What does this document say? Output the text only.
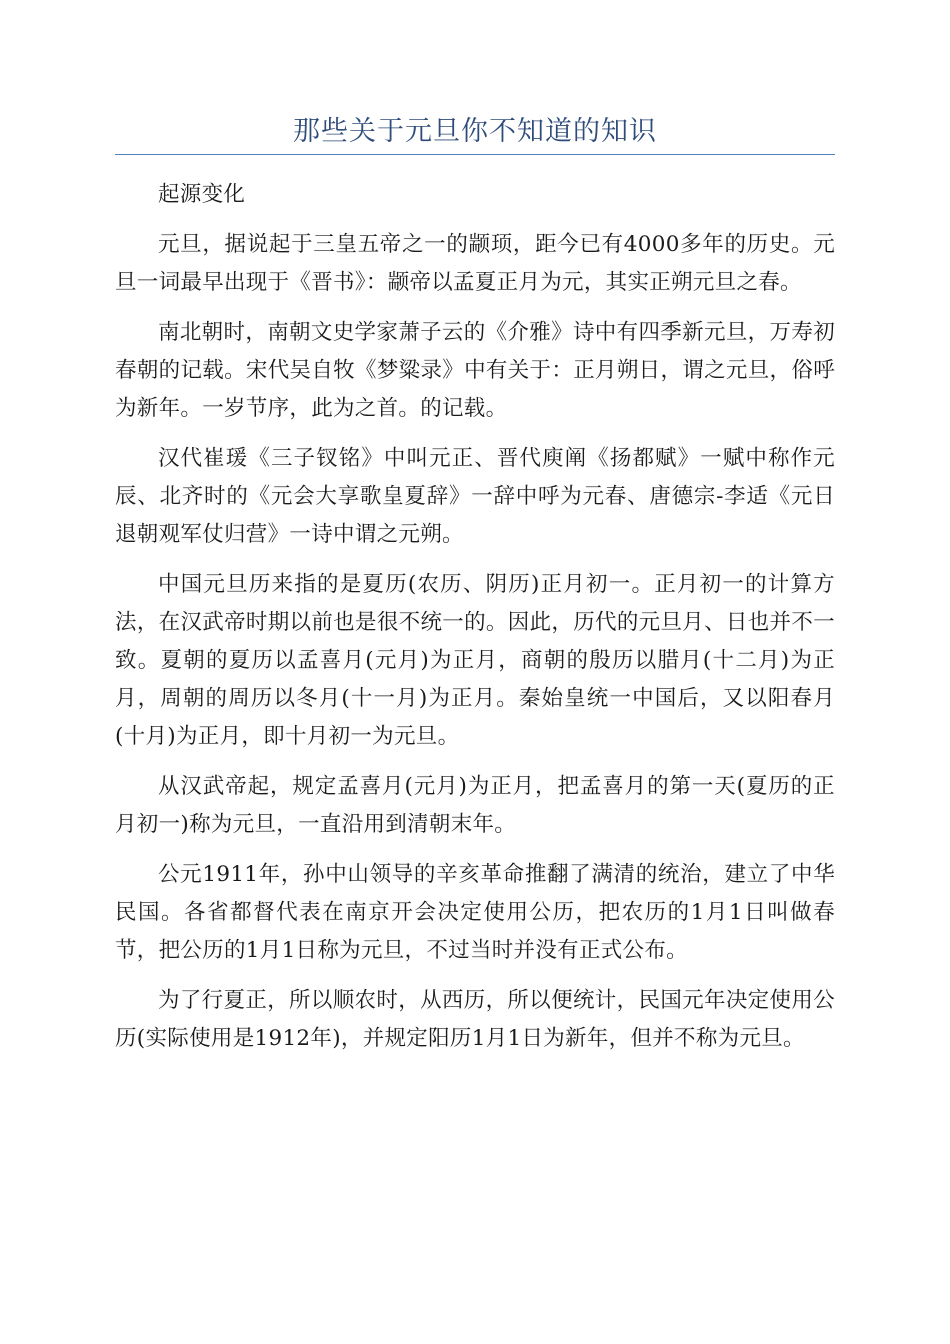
那些关于元旦你不知道的知识

起源变化

元旦，据说起于三皇五帝之一的颛顼，距今已有4000多年的历史。元旦一词最早出现于《晋书》：颛帝以孟夏正月为元，其实正朔元旦之春。

南北朝时，南朝文史学家萧子云的《介雅》诗中有四季新元旦，万寿初春朝的记载。宋代吴自牧《梦粱录》中有关于：正月朔日，谓之元旦，俗呼为新年。一岁节序，此为之首。的记载。

汉代崔瑗《三子钗铭》中叫元正、晋代庾阐《扬都赋》一赋中称作元辰、北齐时的《元会大享歌皇夏辞》一辞中呼为元春、唐德宗-李适《元日退朝观军仗归营》一诗中谓之元朔。

中国元旦历来指的是夏历(农历、阴历)正月初一。正月初一的计算方法，在汉武帝时期以前也是很不统一的。因此，历代的元旦月、日也并不一致。夏朝的夏历以孟喜月(元月)为正月，商朝的殷历以腊月(十二月)为正月，周朝的周历以冬月(十一月)为正月。秦始皇统一中国后，又以阳春月(十月)为正月，即十月初一为元旦。

从汉武帝起，规定孟喜月(元月)为正月，把孟喜月的第一天(夏历的正月初一)称为元旦，一直沿用到清朝末年。

公元1911年，孙中山领导的辛亥革命推翻了满清的统治，建立了中华民国。各省都督代表在南京开会决定使用公历，把农历的1月1日叫做春节，把公历的1月1日称为元旦，不过当时并没有正式公布。

为了行夏正，所以顺农时，从西历，所以便统计，民国元年决定使用公历(实际使用是1912年)，并规定阳历1月1日为新年，但并不称为元旦。
